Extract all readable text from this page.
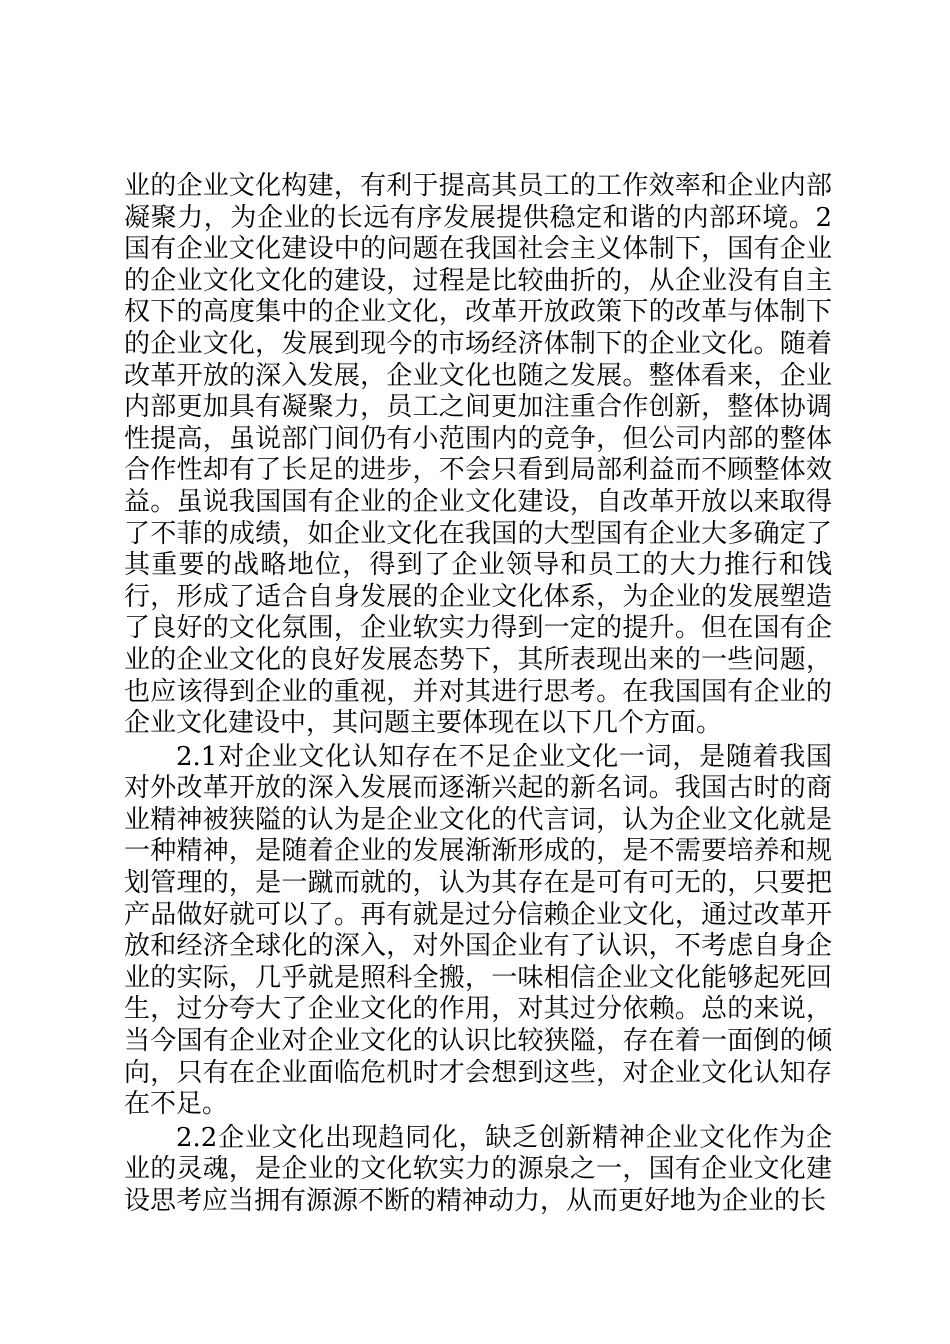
业的企业文化构建，有利于提高其员工的工作效率和企业内部凝聚力，为企业的长远有序发展提供稳定和谐的内部环境。2国有企业文化建设中的问题在我国社会主义体制下，国有企业的企业文化文化的建设，过程是比较曲折的，从企业没有自主权下的高度集中的企业文化，改革开放政策下的改革与体制下的企业文化，发展到现今的市场经济体制下的企业文化。随着改革开放的深入发展，企业文化也随之发展。整体看来，企业内部更加具有凝聚力，员工之间更加注重合作创新，整体协调性提高，虽说部门间仍有小范围内的竞争，但公司内部的整体合作性却有了长足的进步，不会只看到局部利益而不顾整体效益。虽说我国国有企业的企业文化建设，自改革开放以来取得了不菲的成绩，如企业文化在我国的大型国有企业大多确定了其重要的战略地位，得到了企业领导和员工的大力推行和饯行，形成了适合自身发展的企业文化体系，为企业的发展塑造了良好的文化氛围，企业软实力得到一定的提升。但在国有企业的企业文化的良好发展态势下，其所表现出来的一些问题，也应该得到企业的重视，并对其进行思考。在我国国有企业的企业文化建设中，其问题主要体现在以下几个方面。

2.1对企业文化认知存在不足企业文化一词，是随着我国对外改革开放的深入发展而逐渐兴起的新名词。我国古时的商业精神被狭隘的认为是企业文化的代言词，认为企业文化就是一种精神，是随着企业的发展渐渐形成的，是不需要培养和规划管理的，是一蹴而就的，认为其存在是可有可无的，只要把产品做好就可以了。再有就是过分信赖企业文化，通过改革开放和经济全球化的深入，对外国企业有了认识，不考虑自身企业的实际，几乎就是照科全搬，一味相信企业文化能够起死回生，过分夸大了企业文化的作用，对其过分依赖。总的来说，当今国有企业对企业文化的认识比较狭隘，存在着一面倒的倾向，只有在企业面临危机时才会想到这些，对企业文化认知存在不足。

2.2企业文化出现趋同化，缺乏创新精神企业文化作为企业的灵魂，是企业的文化软实力的源泉之一，国有企业文化建设思考应当拥有源源不断的精神动力，从而更好地为企业的长
